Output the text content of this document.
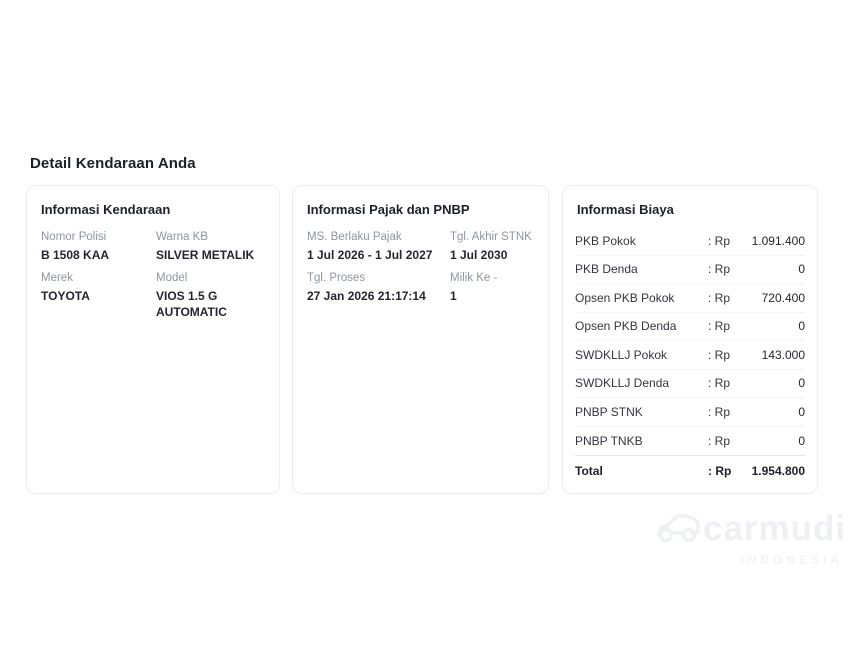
Detail Kendaraan Anda
Informasi Kendaraan
Nomor Polisi
B 1508 KAA
Warna KB
SILVER METALIK
Merek
TOYOTA
Model
VIOS 1.5 G AUTOMATIC
Informasi Pajak dan PNBP
MS. Berlaku Pajak
1 Jul 2026 - 1 Jul 2027
Tgl. Akhir STNK
1 Jul 2030
Tgl. Proses
27 Jan 2026 21:17:14
Milik Ke -
1
Informasi Biaya
PKB Pokok	: Rp	1.091.400
PKB Denda	: Rp	0
Opsen PKB Pokok	: Rp	720.400
Opsen PKB Denda	: Rp	0
SWDKLLJ Pokok	: Rp	143.000
SWDKLLJ Denda	: Rp	0
PNBP STNK	: Rp	0
PNBP TNKB	: Rp	0
Total	: Rp	1.954.800
carmudi
INDONESIA
